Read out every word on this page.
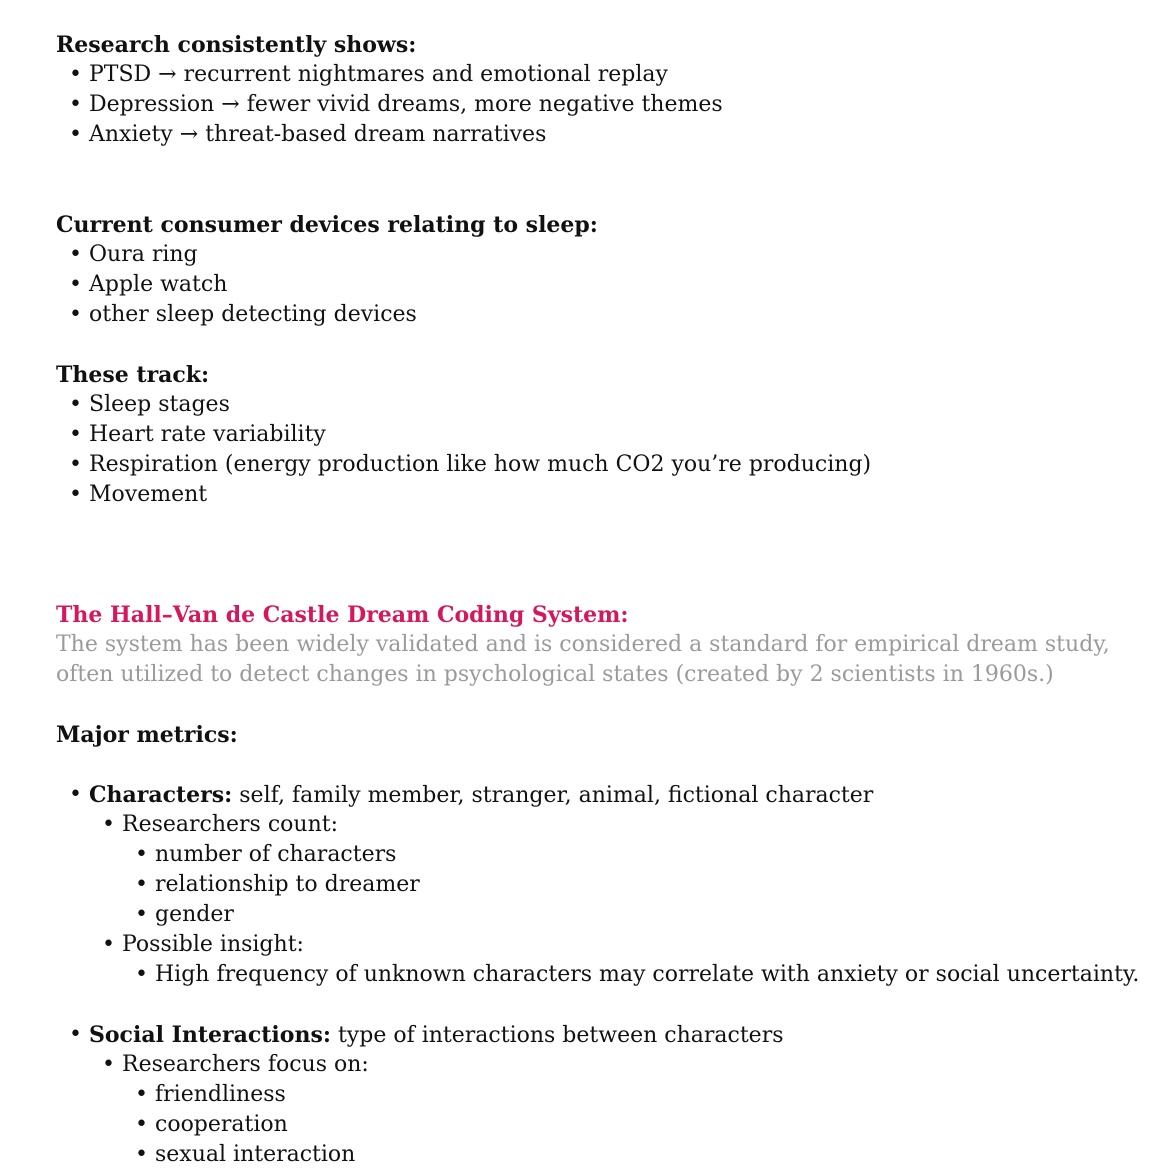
Research consistently shows:
• PTSD → recurrent nightmares and emotional replay
• Depression → fewer vivid dreams, more negative themes
• Anxiety → threat-based dream narratives
Current consumer devices relating to sleep:
• Oura ring
• Apple watch
• other sleep detecting devices
These track:
• Sleep stages
• Heart rate variability
• Respiration (energy production like how much CO2 you’re producing)
• Movement
The Hall–Van de Castle Dream Coding System:
The system has been widely validated and is considered a standard for empirical dream study, often utilized to detect changes in psychological states (created by 2 scientists in 1960s.)
Major metrics:
• Characters: self, family member, stranger, animal, fictional character
• Researchers count:
• number of characters
• relationship to dreamer
• gender
• Possible insight:
• High frequency of unknown characters may correlate with anxiety or social uncertainty.
• Social Interactions: type of interactions between characters
• Researchers focus on:
• friendliness
• cooperation
• sexual interaction
